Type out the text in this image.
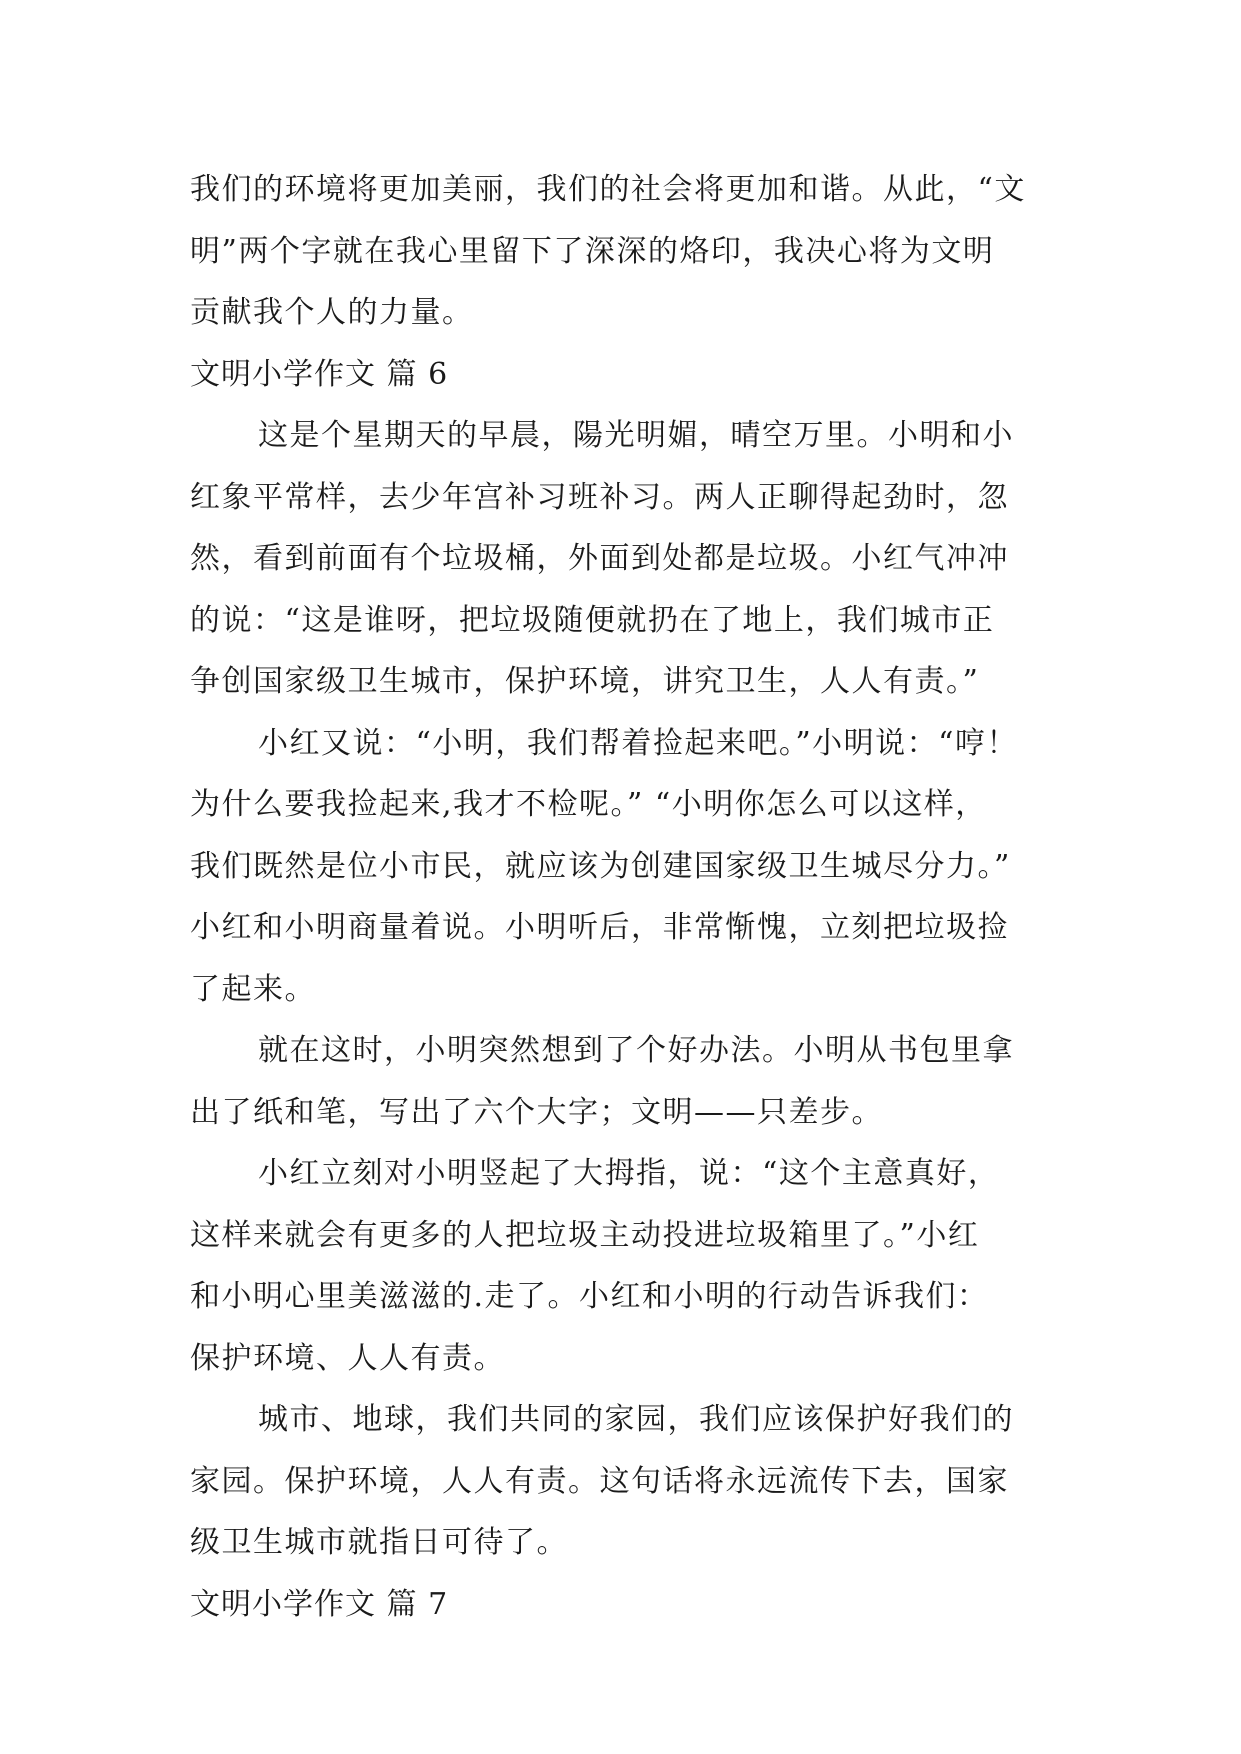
我们的环境将更加美丽，我们的社会将更加和谐。从此，“文
明”两个字就在我心里留下了深深的烙印，我决心将为文明
贡献我个人的力量。
文明小学作文 篇 6
这是个星期天的早晨，陽光明媚，晴空万里。小明和小
红象平常样，去少年宫补习班补习。两人正聊得起劲时，忽
然，看到前面有个垃圾桶，外面到处都是垃圾。小红气冲冲
的说：“这是谁呀，把垃圾随便就扔在了地上，我们城市正
争创国家级卫生城市，保护环境，讲究卫生，人人有责。”
小红又说：“小明，我们帮着捡起来吧。”小明说：“哼！
为什么要我捡起来,我才不检呢。” “小明你怎么可以这样，
我们既然是位小市民，就应该为创建国家级卫生城尽分力。”
小红和小明商量着说。小明听后，非常惭愧，立刻把垃圾捡
了起来。
就在这时，小明突然想到了个好办法。小明从书包里拿
出了纸和笔，写出了六个大字；文明——只差步。
小红立刻对小明竖起了大拇指，说：“这个主意真好，
这样来就会有更多的人把垃圾主动投进垃圾箱里了。”小红
和小明心里美滋滋的.走了。小红和小明的行动告诉我们：
保护环境、人人有责。
城市、地球，我们共同的家园，我们应该保护好我们的
家园。保护环境，人人有责。这句话将永远流传下去，国家
级卫生城市就指日可待了。
文明小学作文 篇 7
